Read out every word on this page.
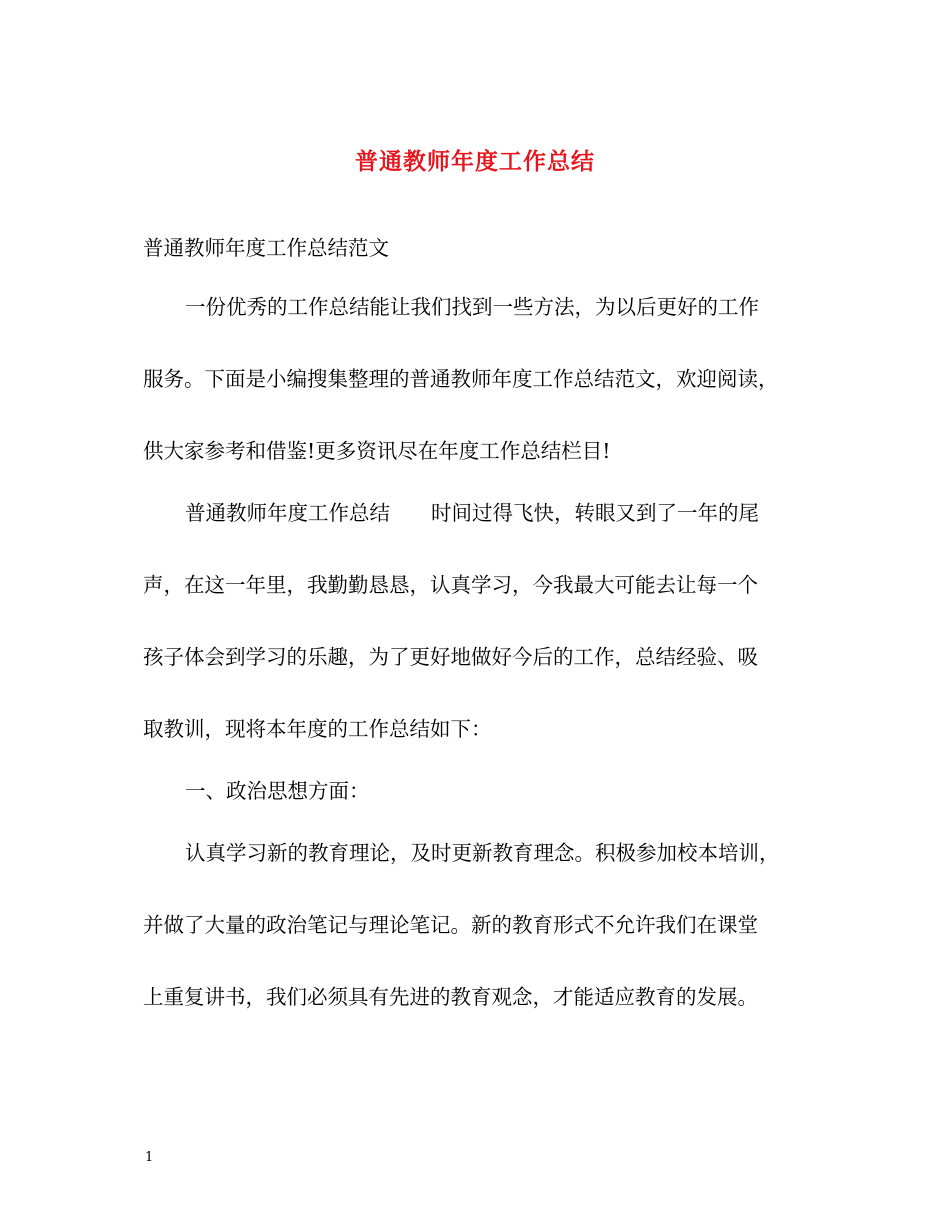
普通教师年度工作总结
普通教师年度工作总结范文
一份优秀的工作总结能让我们找到一些方法，为以后更好的工作
服务。下面是小编搜集整理的普通教师年度工作总结范文，欢迎阅读，
供大家参考和借鉴!更多资讯尽在年度工作总结栏目!
普通教师年度工作总结　　时间过得飞快，转眼又到了一年的尾
声，在这一年里，我勤勤恳恳，认真学习，今我最大可能去让每一个
孩子体会到学习的乐趣，为了更好地做好今后的工作，总结经验、吸
取教训，现将本年度的工作总结如下：
一、政治思想方面：
认真学习新的教育理论，及时更新教育理念。积极参加校本培训，
并做了大量的政治笔记与理论笔记。新的教育形式不允许我们在课堂
上重复讲书，我们必须具有先进的教育观念，才能适应教育的发展。
1
